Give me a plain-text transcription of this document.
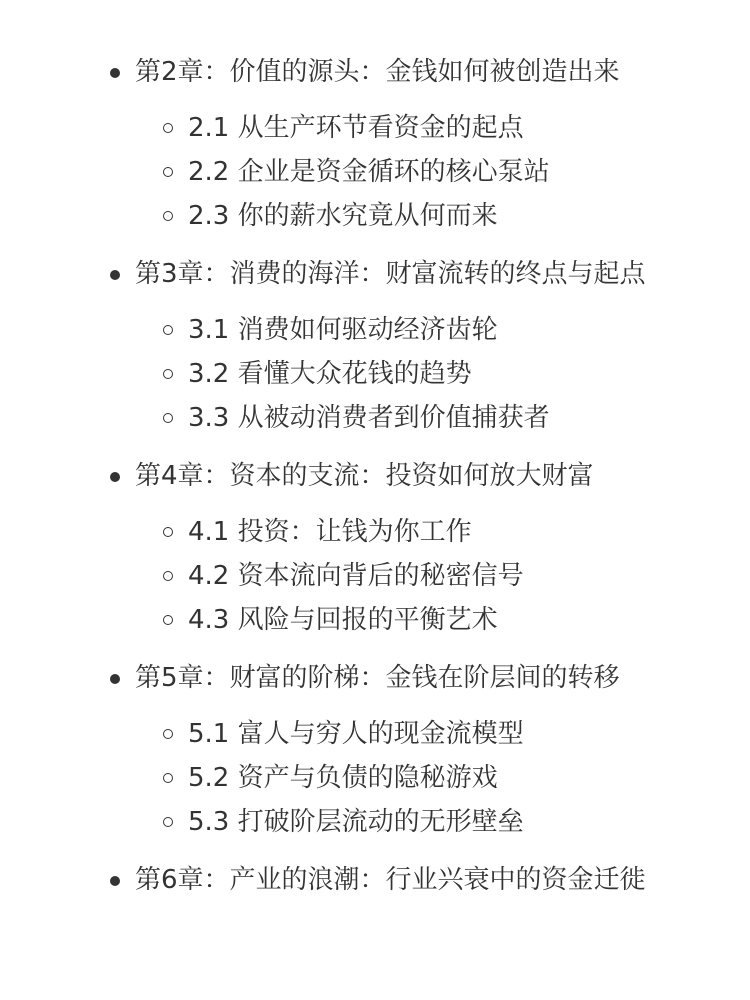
第2章：价值的源头：金钱如何被创造出来
2.1 从生产环节看资金的起点
2.2 企业是资金循环的核心泵站
2.3 你的薪水究竟从何而来
第3章：消费的海洋：财富流转的终点与起点
3.1 消费如何驱动经济齿轮
3.2 看懂大众花钱的趋势
3.3 从被动消费者到价值捕获者
第4章：资本的支流：投资如何放大财富
4.1 投资：让钱为你工作
4.2 资本流向背后的秘密信号
4.3 风险与回报的平衡艺术
第5章：财富的阶梯：金钱在阶层间的转移
5.1 富人与穷人的现金流模型
5.2 资产与负债的隐秘游戏
5.3 打破阶层流动的无形壁垒
第6章：产业的浪潮：行业兴衰中的资金迁徙
